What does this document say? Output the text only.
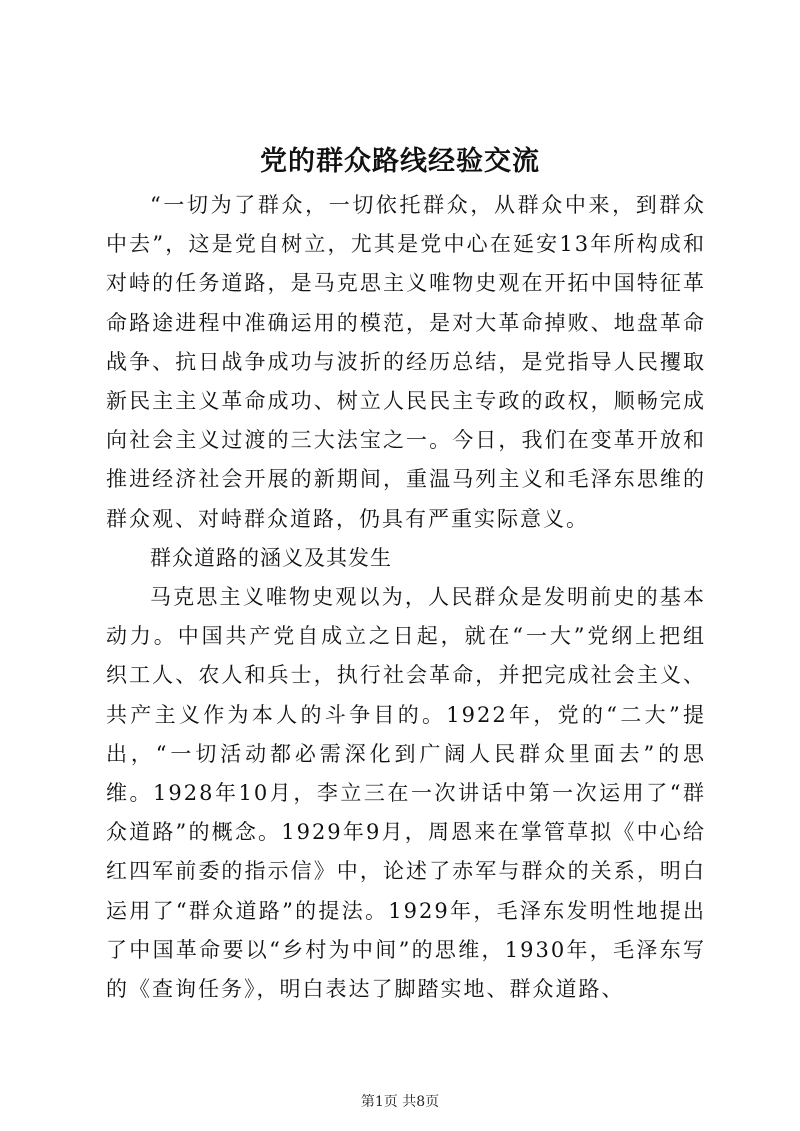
党的群众路线经验交流

“一切为了群众，一切依托群众，从群众中来，到群众中去”，这是党自树立，尤其是党中心在延安13年所构成和对峙的任务道路，是马克思主义唯物史观在开拓中国特征革命路途进程中准确运用的模范，是对大革命掉败、地盘革命战争、抗日战争成功与波折的经历总结，是党指导人民攫取新民主主义革命成功、树立人民民主专政的政权，顺畅完成向社会主义过渡的三大法宝之一。今日，我们在变革开放和推进经济社会开展的新期间，重温马列主义和毛泽东思维的群众观、对峙群众道路，仍具有严重实际意义。

群众道路的涵义及其发生

马克思主义唯物史观以为，人民群众是发明前史的基本动力。中国共产党自成立之日起，就在“一大”党纲上把组织工人、农人和兵士，执行社会革命，并把完成社会主义、共产主义作为本人的斗争目的。1922年，党的“二大”提出，“一切活动都必需深化到广阔人民群众里面去”的思维。1928年10月，李立三在一次讲话中第一次运用了“群众道路”的概念。1929年9月，周恩来在掌管草拟《中心给红四军前委的指示信》中，论述了赤军与群众的关系，明白运用了“群众道路”的提法。1929年，毛泽东发明性地提出了中国革命要以“乡村为中间”的思维，1930年，毛泽东写的《查询任务》，明白表达了脚踏实地、群众道路、

第1页 共8页
